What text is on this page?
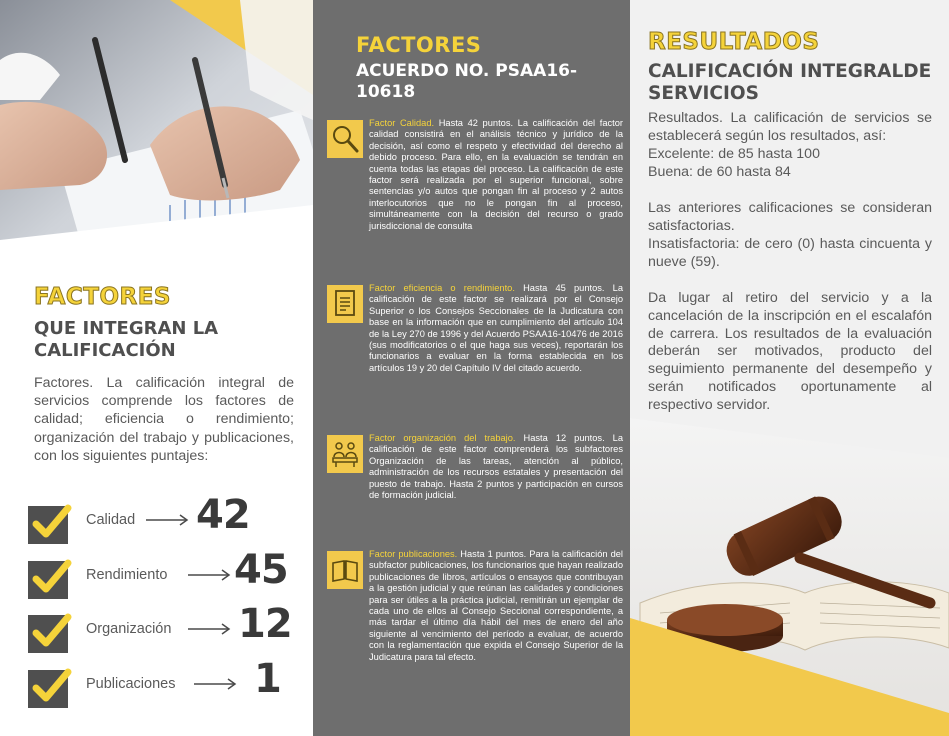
FACTORES
QUE INTEGRAN LA CALIFICACIÓN
Factores. La calificación integral de servicios comprende los factores de calidad; eficiencia o rendimiento; organización del trabajo y publicaciones, con los siguientes puntajes:
Calidad 42
Rendimiento 45
Organización 12
Publicaciones 1
FACTORES
ACUERDO NO. PSAA16-10618
Factor Calidad. Hasta 42 puntos. La calificación del factor calidad consistirá en el análisis técnico y jurídico de la decisión, así como el respeto y efectividad del derecho al debido proceso. Para ello, en la evaluación se tendrán en cuenta todas las etapas del proceso. La calificación de este factor será realizada por el superior funcional, sobre sentencias y/o autos que pongan fin al proceso y 2 autos interlocutorios que no le pongan fin al proceso, simultáneamente con la decisión del recurso o grado jurisdiccional de consulta
Factor eficiencia o rendimiento. Hasta 45 puntos. La calificación de este factor se realizará por el Consejo Superior o los Consejos Seccionales de la Judicatura con base en la información que en cumplimiento del artículo 104 de la Ley 270 de 1996 y del Acuerdo PSAA16-10476 de 2016 (sus modificatorios o el que haga sus veces), reportarán los funcionarios a evaluar en la forma establecida en los artículos 19 y 20 del Capítulo IV del citado acuerdo.
Factor organización del trabajo. Hasta 12 puntos. La calificación de este factor comprenderá los subfactores Organización de las tareas, atención al público, administración de los recursos estatales y presentación del puesto de trabajo. Hasta 2 puntos y participación en cursos de formación judicial.
Factor publicaciones. Hasta 1 puntos. Para la calificación del subfactor publicaciones, los funcionarios que hayan realizado publicaciones de libros, artículos o ensayos que contribuyan a la gestión judicial y que reúnan las calidades y condiciones para ser útiles a la práctica judicial, remitirán un ejemplar de cada uno de ellos al Consejo Seccional correspondiente, a más tardar el último día hábil del mes de enero del año siguiente al vencimiento del período a evaluar, de acuerdo con la reglamentación que expida el Consejo Superior de la Judicatura para tal efecto.
RESULTADOS
CALIFICACIÓN INTEGRALDE SERVICIOS
Resultados. La calificación de servicios se establecerá según los resultados, así:
Excelente: de 85 hasta 100
Buena: de 60 hasta 84
Las anteriores calificaciones se consideran satisfactorias.
Insatisfactoria: de cero (0) hasta cincuenta y nueve (59).
Da lugar al retiro del servicio y a la cancelación de la inscripción en el escalafón de carrera. Los resultados de la evaluación deberán ser motivados, producto del seguimiento permanente del desempeño y serán notificados oportunamente al respectivo servidor.
